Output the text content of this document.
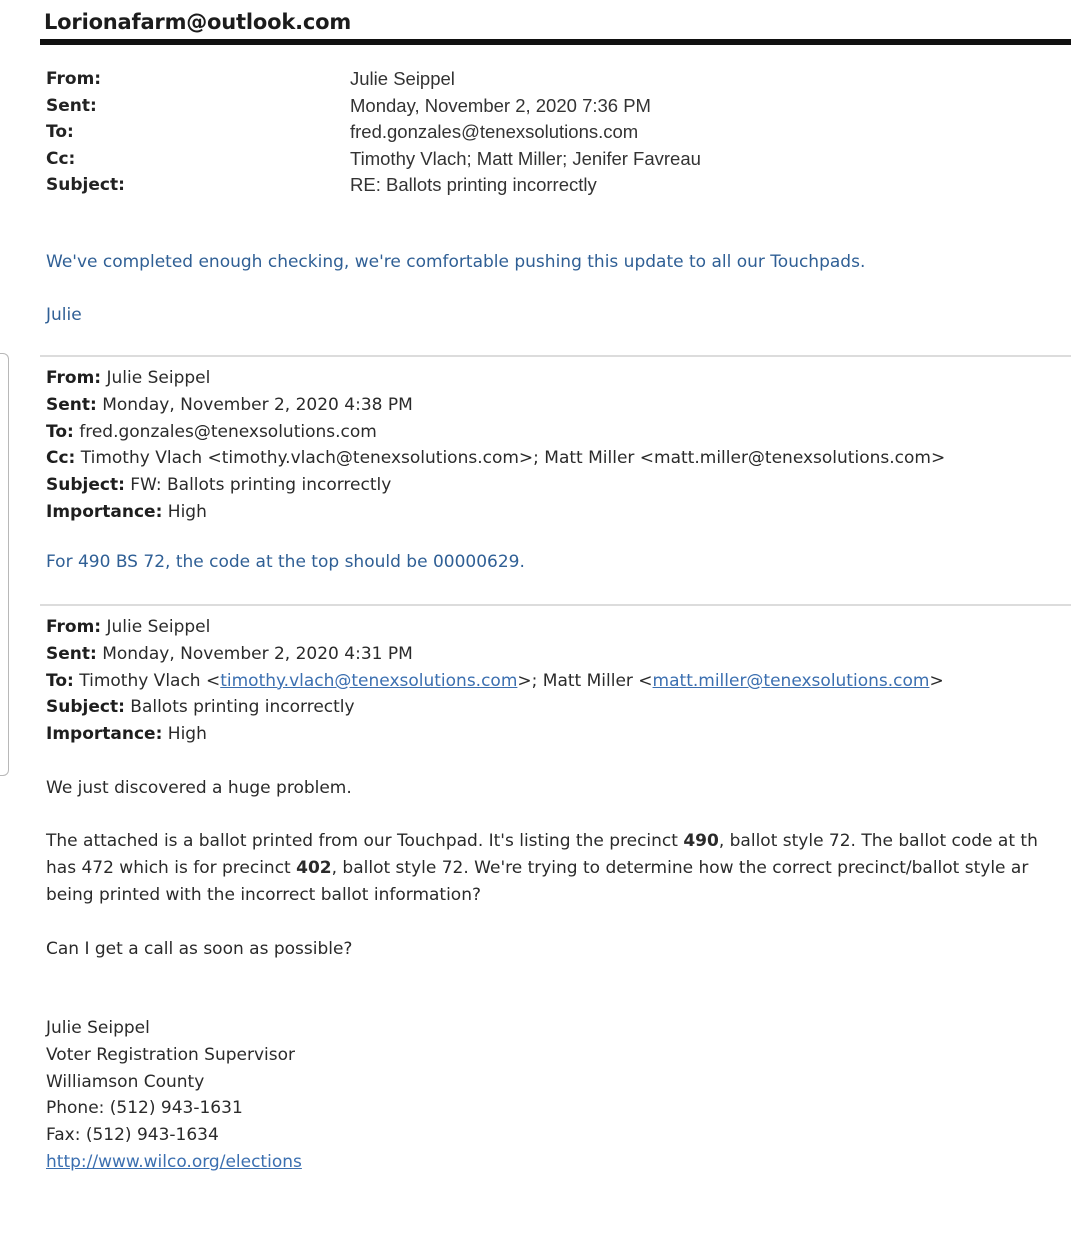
Lorionafarm@outlook.com
From:	Julie Seippel
Sent:	Monday, November 2, 2020 7:36 PM
To:	fred.gonzales@tenexsolutions.com
Cc:	Timothy Vlach; Matt Miller; Jenifer Favreau
Subject:	RE: Ballots printing incorrectly
We've completed enough checking, we're comfortable pushing this update to all our Touchpads.
Julie
From: Julie Seippel
Sent: Monday, November 2, 2020 4:38 PM
To: fred.gonzales@tenexsolutions.com
Cc: Timothy Vlach <timothy.vlach@tenexsolutions.com>; Matt Miller <matt.miller@tenexsolutions.com>
Subject: FW: Ballots printing incorrectly
Importance: High
For 490 BS 72, the code at the top should be 00000629.
From: Julie Seippel
Sent: Monday, November 2, 2020 4:31 PM
To: Timothy Vlach <timothy.vlach@tenexsolutions.com>; Matt Miller <matt.miller@tenexsolutions.com>
Subject: Ballots printing incorrectly
Importance: High
We just discovered a huge problem.
The attached is a ballot printed from our Touchpad. It's listing the precinct 490, ballot style 72. The ballot code at th
has 472 which is for precinct 402, ballot style 72. We're trying to determine how the correct precinct/ballot style ar
being printed with the incorrect ballot information?
Can I get a call as soon as possible?
Julie Seippel
Voter Registration Supervisor
Williamson County
Phone: (512) 943-1631
Fax: (512) 943-1634
http://www.wilco.org/elections
